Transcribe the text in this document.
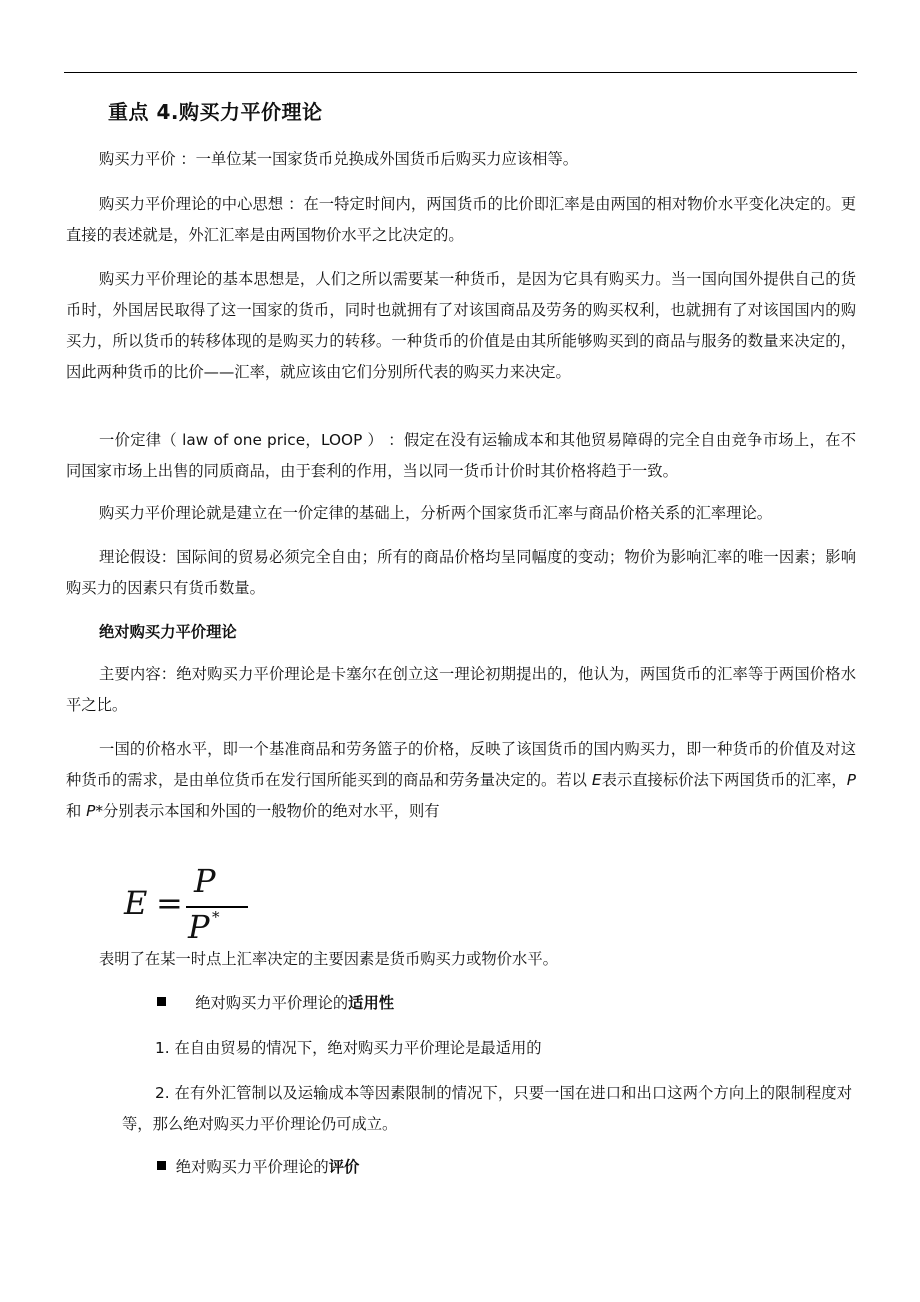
重点 4.购买力平价理论

购买力平价 ：一单位某一国家货币兑换成外国货币后购买力应该相等。

购买力平价理论的中心思想 ：在一特定时间内，两国货币的比价即汇率是由两国的相对物价水平变化决定的。更直接的表述就是，外汇汇率是由两国物价水平之比决定的。

购买力平价理论的基本思想是，人们之所以需要某一种货币，是因为它具有购买力。当一国向国外提供自己的货币时，外国居民取得了这一国家的货币，同时也就拥有了对该国商品及劳务的购买权利，也就拥有了对该国国内的购买力，所以货币的转移体现的是购买力的转移。一种货币的价值是由其所能够购买到的商品与服务的数量来决定的，因此两种货币的比价——汇率，就应该由它们分别所代表的购买力来决定。

一价定律（ law of one price，LOOP ） ：假定在没有运输成本和其他贸易障碍的完全自由竞争市场上，在不同国家市场上出售的同质商品，由于套利的作用，当以同一货币计价时其价格将趋于一致。

购买力平价理论就是建立在一价定律的基础上，分析两个国家货币汇率与商品价格关系的汇率理论。

理论假设：国际间的贸易必须完全自由；所有的商品价格均呈同幅度的变动；物价为影响汇率的唯一因素；影响购买力的因素只有货币数量。

绝对购买力平价理论

主要内容：绝对购买力平价理论是卡塞尔在创立这一理论初期提出的，他认为，两国货币的汇率等于两国价格水平之比。

一国的价格水平，即一个基准商品和劳务篮子的价格，反映了该国货币的国内购买力，即一种货币的价值及对这种货币的需求，是由单位货币在发行国所能买到的商品和劳务量决定的。若以 E表示直接标价法下两国货币的汇率，P和 P*分别表示本国和外国的一般物价的绝对水平，则有

E =
P
P *

表明了在某一时点上汇率决定的主要因素是货币购买力或物价水平。

绝对购买力平价理论的适用性

1. 在自由贸易的情况下，绝对购买力平价理论是最适用的

2. 在有外汇管制以及运输成本等因素限制的情况下，只要一国在进口和出口这两个方向上的限制程度对等，那么绝对购买力平价理论仍可成立。

绝对购买力平价理论的评价
